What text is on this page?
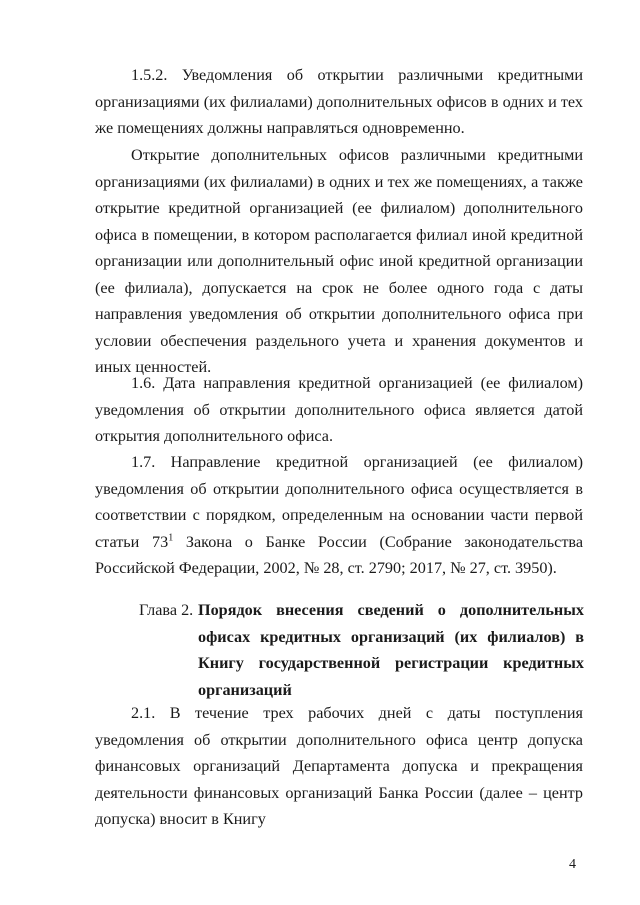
1.5.2. Уведомления об открытии различными кредитными организациями (их филиалами) дополнительных офисов в одних и тех же помещениях должны направляться одновременно.

Открытие дополнительных офисов различными кредитными организациями (их филиалами) в одних и тех же помещениях, а также открытие кредитной организацией (ее филиалом) дополнительного офиса в помещении, в котором располагается филиал иной кредитной организации или дополнительный офис иной кредитной организации (ее филиала), допускается на срок не более одного года с даты направления уведомления об открытии дополнительного офиса при условии обеспечения раздельного учета и хранения документов и иных ценностей.

1.6. Дата направления кредитной организацией (ее филиалом) уведомления об открытии дополнительного офиса является датой открытия дополнительного офиса.

1.7. Направление кредитной организацией (ее филиалом) уведомления об открытии дополнительного офиса осуществляется в соответствии с порядком, определенным на основании части первой статьи $73^1$ Закона о Банке России (Собрание законодательства Российской Федерации, 2002, № 28, ст. 2790; 2017, № 27, ст. 3950).

Глава 2. Порядок внесения сведений о дополнительных офисах кредитных организаций (их филиалов) в Книгу государственной регистрации кредитных организаций

2.1. В течение трех рабочих дней с даты поступления уведомления об открытии дополнительного офиса центр допуска финансовых организаций Департамента допуска и прекращения деятельности финансовых организаций Банка России (далее – центр допуска) вносит в Книгу

4
